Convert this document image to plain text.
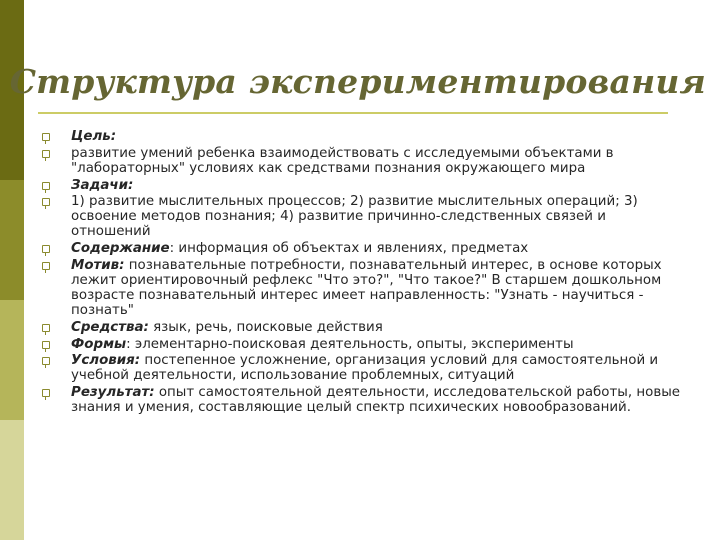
Структура экспериментирования
Цель:
развитие умений ребенка взаимодействовать с исследуемыми объектами в "лабораторных" условиях как средствами познания окружающего мира
Задачи:
1) развитие мыслительных процессов; 2) развитие мыслительных операций; 3) освоение методов познания; 4) развитие причинно-следственных связей и отношений
Содержание: информация об объектах и явлениях, предметах
Мотив: познавательные потребности, познавательный интерес, в основе которых лежит ориентировочный рефлекс "Что это?", "Что такое?" В старшем дошкольном возрасте познавательный интерес имеет направленность: "Узнать - научиться - познать"
Средства: язык, речь, поисковые действия
Формы: элементарно-поисковая деятельность, опыты, эксперименты
Условия: постепенное усложнение, организация условий для самостоятельной и учебной деятельности, использование проблемных, ситуаций
Результат: опыт самостоятельной деятельности, исследовательской работы, новые знания и умения, составляющие целый спектр психических новообразований.
